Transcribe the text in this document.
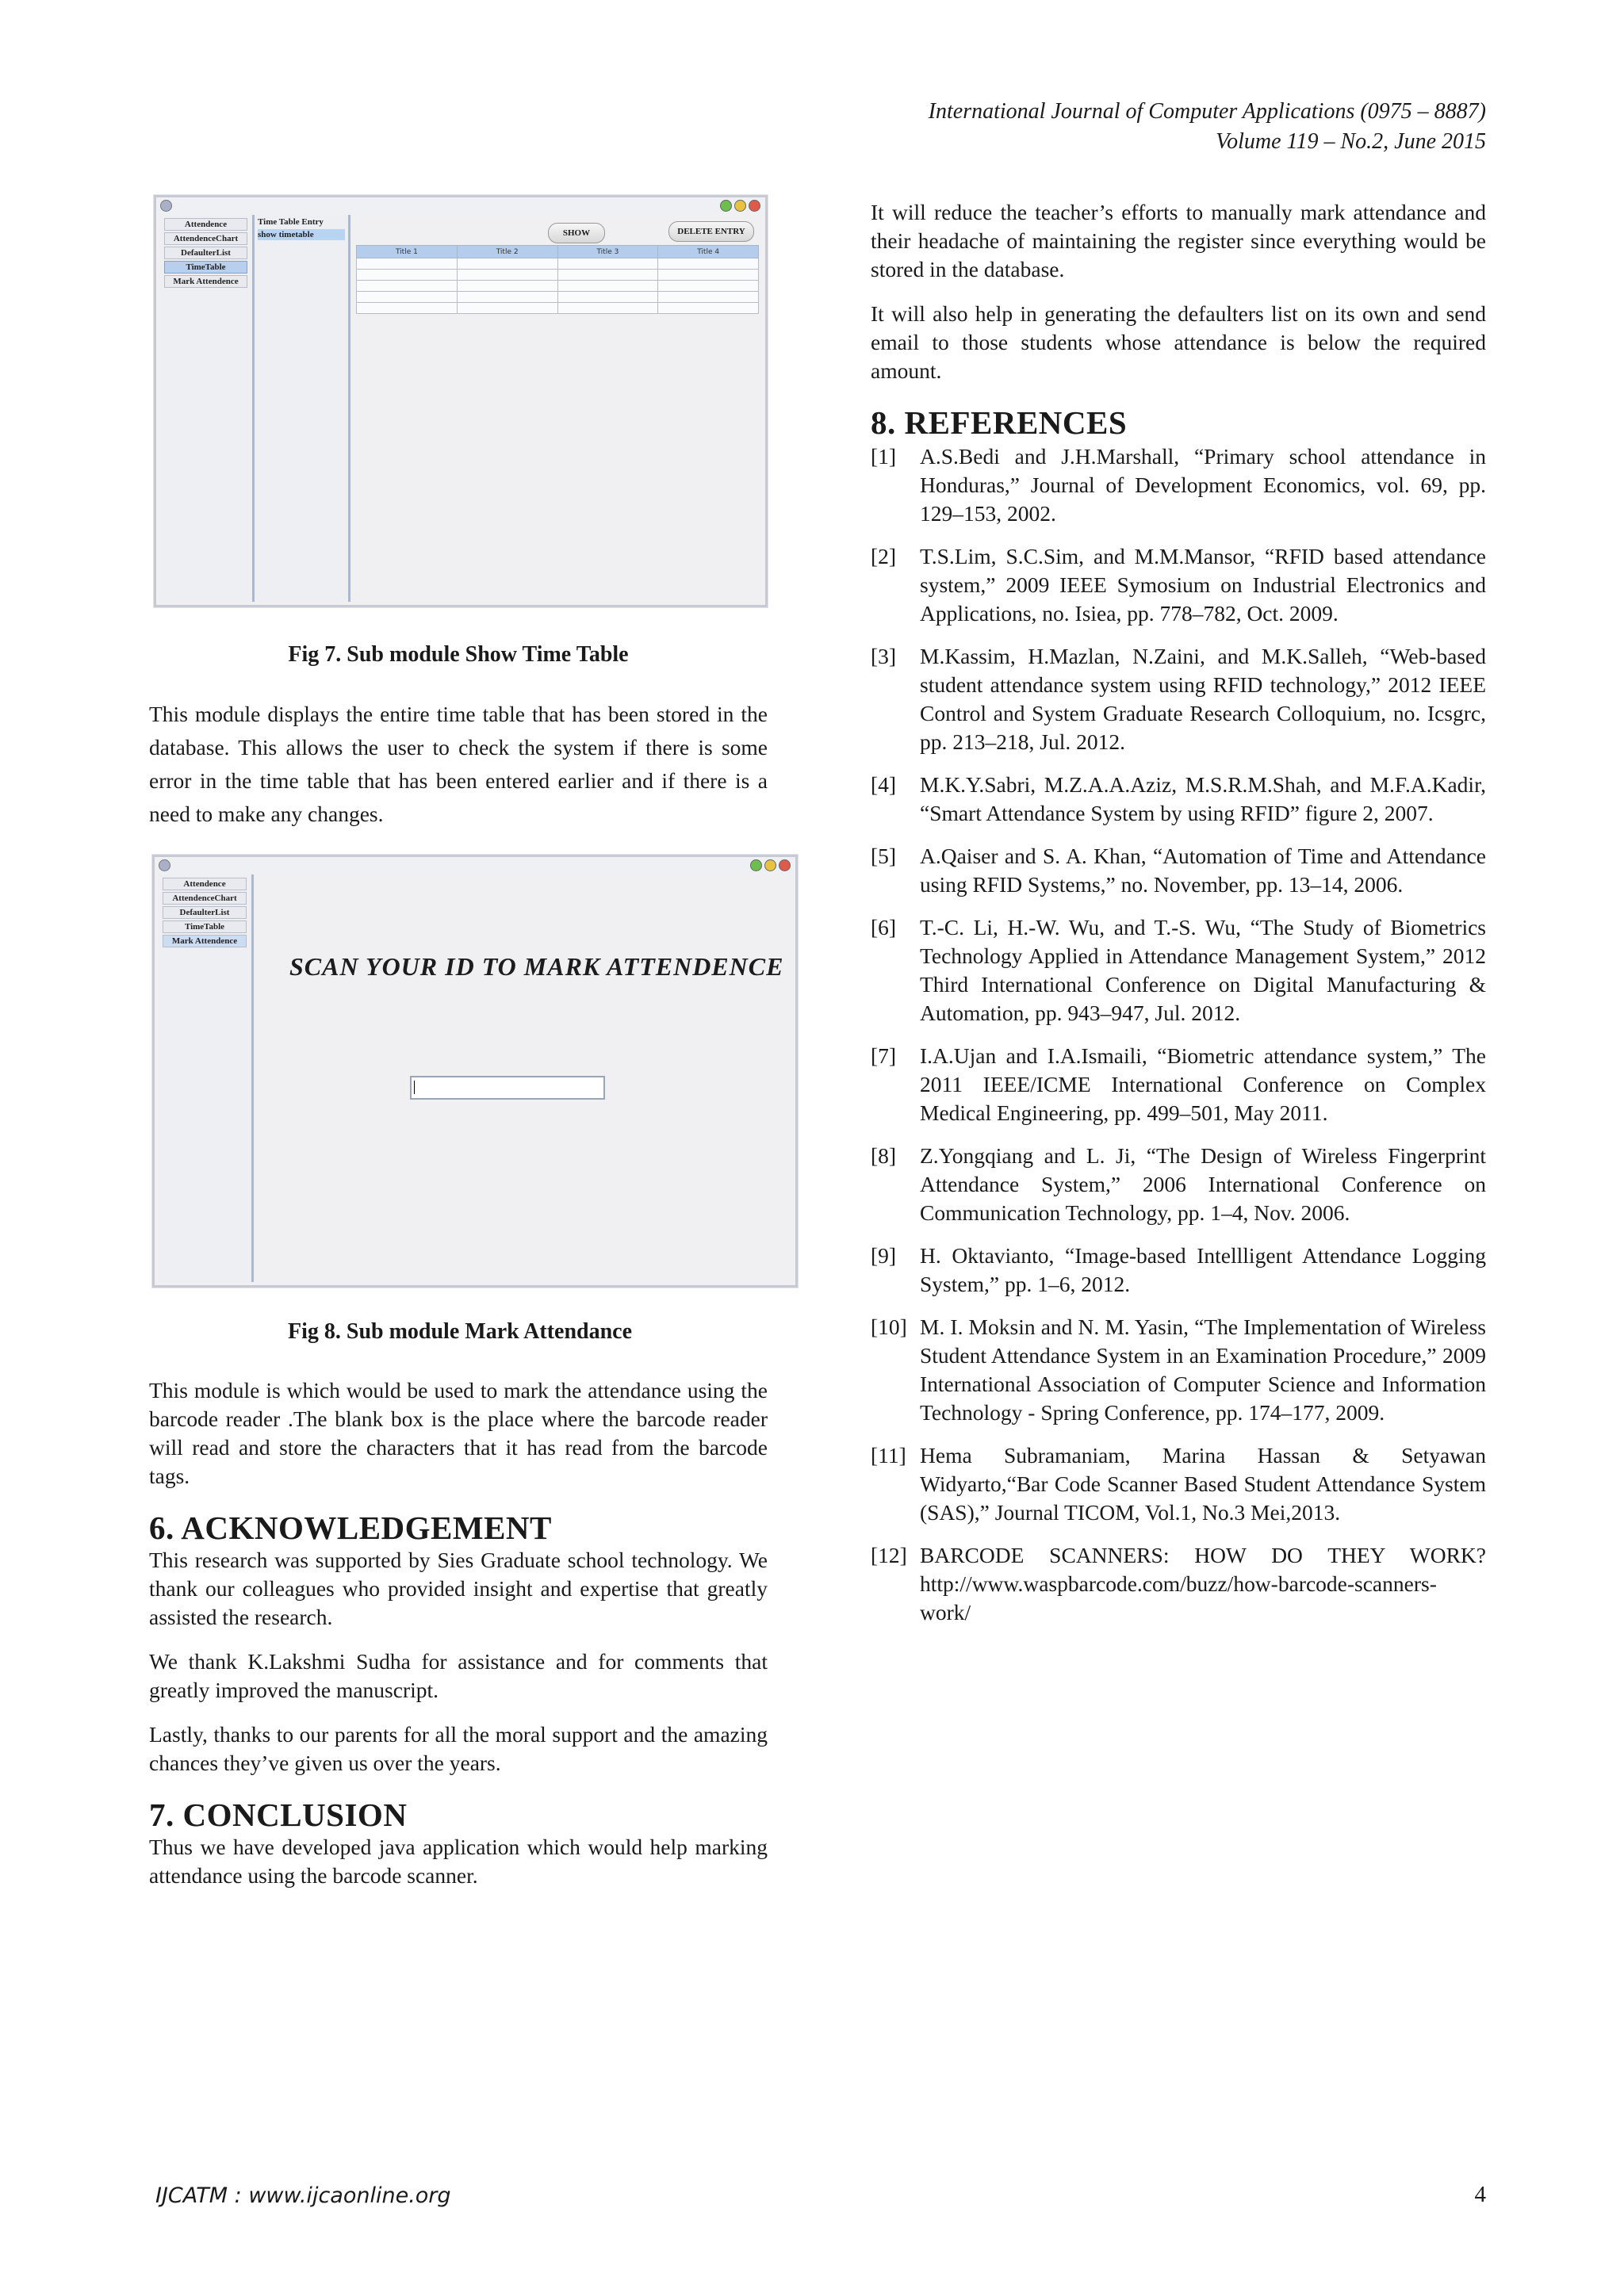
International Journal of Computer Applications (0975 – 8887)
Volume 119 – No.2, June 2015
Attendence
AttendenceChart
DefaulterList
TimeTable
Mark Attendence
Time Table Entry
show timetable	SHOW	DELETE ENTRY
Title 1	Title 2	Title 3	Title 4

Fig 7. Sub module Show Time Table

This module displays the entire time table that has been stored in the database. This allows the user to check the system if there is some error in the time table that has been entered earlier and if there is a need to make any changes.

Attendence
AttendenceChart
DefaulterList
TimeTable
Mark Attendence
SCAN YOUR ID TO MARK ATTENDENCE
Fig 8. Sub module Mark Attendance

This module is which would be used to mark the attendance using the barcode reader .The blank box is the place where the barcode reader will read and store the characters that it has read from the barcode tags.

6. ACKNOWLEDGEMENT

This research was supported by Sies Graduate school technology. We thank our colleagues who provided insight and expertise that greatly assisted the research.

We thank K.Lakshmi Sudha for assistance and for comments that greatly improved the manuscript.

Lastly, thanks to our parents for all the moral support and the amazing chances they’ve given us over the years.

7. CONCLUSION

Thus we have developed java application which would help marking attendance using the barcode scanner.

It will reduce the teacher’s efforts to manually mark attendance and their headache of maintaining the register since everything would be stored in the database.

It will also help in generating the defaulters list on its own and send email to those students whose attendance is below the required amount.

8. REFERENCES
[1]	A.S.Bedi and J.H.Marshall, “Primary school attendance in Honduras,” Journal of Development Economics, vol. 69, pp. 129–153, 2002.
[2]	T.S.Lim, S.C.Sim, and M.M.Mansor, “RFID based attendance system,” 2009 IEEE Symosium on Industrial Electronics and Applications, no. Isiea, pp. 778–782, Oct. 2009.
[3]	M.Kassim, H.Mazlan, N.Zaini, and M.K.Salleh, “Web-based student attendance system using RFID technology,” 2012 IEEE Control and System Graduate Research Colloquium, no. Icsgrc, pp. 213–218, Jul. 2012.
[4]	M.K.Y.Sabri, M.Z.A.A.Aziz, M.S.R.M.Shah, and M.F.A.Kadir, “Smart Attendance System by using RFID” figure 2, 2007.
[5]	A.Qaiser and S. A. Khan, “Automation of Time and Attendance using RFID Systems,” no. November, pp. 13–14, 2006.
[6]	T.-C. Li, H.-W. Wu, and T.-S. Wu, “The Study of Biometrics Technology Applied in Attendance Management System,” 2012 Third International Conference on Digital Manufacturing & Automation, pp. 943–947, Jul. 2012.
[7]	I.A.Ujan and I.A.Ismaili, “Biometric attendance system,” The 2011 IEEE/ICME International Conference on Complex Medical Engineering, pp. 499–501, May 2011.
[8]	Z.Yongqiang and L. Ji, “The Design of Wireless Fingerprint Attendance System,” 2006 International Conference on Communication Technology, pp. 1–4, Nov. 2006.
[9]	H. Oktavianto, “Image-based Intellligent Attendance Logging System,” pp. 1–6, 2012.
[10] M. I. Moksin and N. M. Yasin, “The Implementation of Wireless Student Attendance System in an Examination Procedure,” 2009 International Association of Computer Science and Information Technology - Spring Conference, pp. 174–177, 2009.
[11] Hema Subramaniam, Marina Hassan & Setyawan Widyarto,“Bar Code Scanner Based Student Attendance System (SAS),” Journal TICOM, Vol.1, No.3 Mei,2013.
[12] BARCODE SCANNERS: HOW DO THEY WORK?http://www.waspbarcode.com/buzz/how-barcode-scanners-work/
IJCATM : www.ijcaonline.org	4
